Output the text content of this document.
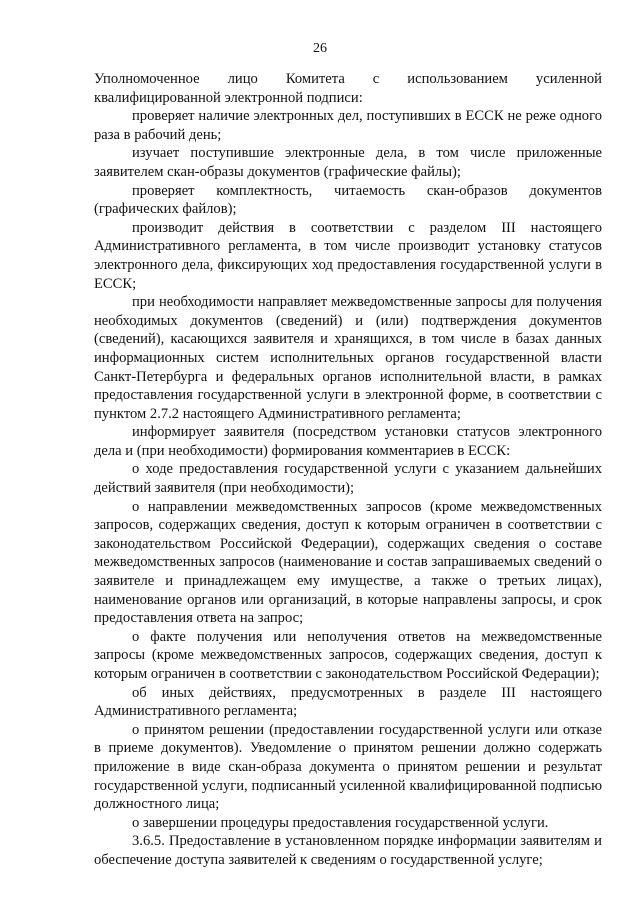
26

Уполномоченное лицо Комитета с использованием усиленной квалифицированной электронной подписи:

проверяет наличие электронных дел, поступивших в ЕССК не реже одного раза в рабочий день;

изучает поступившие электронные дела, в том числе приложенные заявителем скан-образы документов (графические файлы);

проверяет комплектность, читаемость скан-образов документов (графических файлов);

производит действия в соответствии с разделом III настоящего Административного регламента, в том числе производит установку статусов электронного дела, фиксирующих ход предоставления государственной услуги в ЕССК;

при необходимости направляет межведомственные запросы для получения необходимых документов (сведений) и (или) подтверждения документов (сведений), касающихся заявителя и хранящихся, в том числе в базах данных информационных систем исполнительных органов государственной власти Санкт-Петербурга и федеральных органов исполнительной власти, в рамках предоставления государственной услуги в электронной форме, в соответствии с пунктом 2.7.2 настоящего Административного регламента;

информирует заявителя (посредством установки статусов электронного дела и (при необходимости) формирования комментариев в ЕССК:

о ходе предоставления государственной услуги с указанием дальнейших действий заявителя (при необходимости);

о направлении межведомственных запросов (кроме межведомственных запросов, содержащих сведения, доступ к которым ограничен в соответствии с законодательством Российской Федерации), содержащих сведения о составе межведомственных запросов (наименование и состав запрашиваемых сведений о заявителе и принадлежащем ему имуществе, а также о третьих лицах), наименование органов или организаций, в которые направлены запросы, и срок предоставления ответа на запрос;

о факте получения или неполучения ответов на межведомственные запросы (кроме межведомственных запросов, содержащих сведения, доступ к которым ограничен в соответствии с законодательством Российской Федерации);

об иных действиях, предусмотренных в разделе III настоящего Административного регламента;

о принятом решении (предоставлении государственной услуги или отказе в приеме документов). Уведомление о принятом решении должно содержать приложение в виде скан-образа документа о принятом решении и результат государственной услуги, подписанный усиленной квалифицированной подписью должностного лица;

о завершении процедуры предоставления государственной услуги.

3.6.5. Предоставление в установленном порядке информации заявителям и обеспечение доступа заявителей к сведениям о государственной услуге;
